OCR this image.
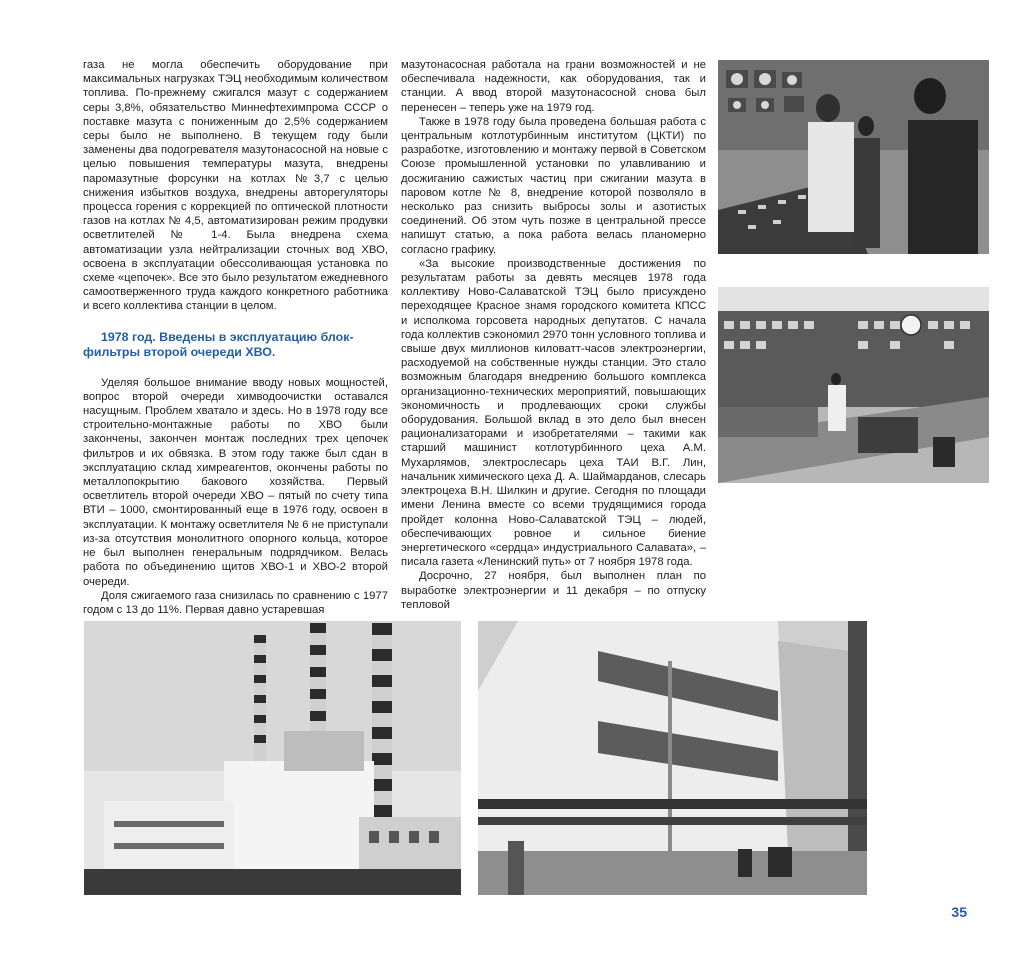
газа не могла обеспечить оборудование при максимальных нагрузках ТЭЦ необходимым количеством топлива. По-прежнему сжигался мазут с содержанием серы 3,8%, обязательство Миннефтехимпрома СССР о поставке мазута с пониженным до 2,5% содержанием серы было не выполнено. В текущем году были заменены два подогревателя мазутонасосной на новые с целью повышения температуры мазута, внедрены паромазутные форсунки на котлах №3,7 с целью снижения избытков воздуха, внедрены авторегуляторы процесса горения с коррекцией по оптической плотности газов на котлах № 4,5, автоматизирован режим продувки осветлителей № 1-4. Была внедрена схема автоматизации узла нейтрализации сточных вод ХВО, освоена в эксплуатации обессоливающая установка по схеме «цепочек». Все это было результатом ежедневного самоотверженного труда каждого конкретного работника и всего коллектива станции в целом.

1978 год. Введены в эксплуатацию блок-фильтры второй очереди ХВО.

Уделяя большое внимание вводу новых мощностей, вопрос второй очереди химводоочистки оставался насущным. Проблем хватало и здесь. Но в 1978 году все строительно-монтажные работы по ХВО были закончены, закончен монтаж последних трех цепочек фильтров и их обвязка. В этом году также был сдан в эксплуатацию склад химреагентов, окончены работы по металлопокрытию бакового хозяйства. Первый осветлитель второй очереди ХВО – пятый по счету типа ВТИ – 1000, смонтированный еще в 1976 году, освоен в эксплуатации. К монтажу осветлителя № 6 не приступали из-за отсутствия монолитного опорного кольца, которое не был выполнен генеральным подрядчиком. Велась работа по объединению щитов ХВО-1 и ХВО-2 второй очереди.

Доля сжигаемого газа снизилась по сравнению с 1977 годом с 13 до 11%. Первая давно устаревшая

мазутонасосная работала на грани возможностей и не обеспечивала надежности, как оборудования, так и станции. А ввод второй мазутонасосной снова был перенесен – теперь уже на 1979 год.

Также в 1978 году была проведена большая работа с центральным котлотурбинным институтом (ЦКТИ) по разработке, изготовлению и монтажу первой в Советском Союзе промышленной установки по улавливанию и досжиганию сажистых частиц при сжигании мазута в паровом котле № 8, внедрение которой позволяло в несколько раз снизить выбросы золы и азотистых соединений. Об этом чуть позже в центральной прессе напишут статью, а пока работа велась планомерно согласно графику.

«За высокие производственные достижения по результатам работы за девять месяцев 1978 года коллективу Ново-Салаватской ТЭЦ было присуждено переходящее Красное знамя городского комитета КПСС и исполкома горсовета народных депутатов. С начала года коллектив сэкономил 2970 тонн условного топлива и свыше двух миллионов киловатт-часов электроэнергии, расходуемой на собственные нужды станции. Это стало возможным благодаря внедрению большого комплекса организационно-технических мероприятий, повышающих экономичность и продлевающих сроки службы оборудования. Большой вклад в это дело был внесен рационализаторами и изобретателями – такими как старший машинист котлотурбинного цеха А.М. Мухарлямов, электрослесарь цеха ТАИ В.Г. Лин, начальник химического цеха Д. А. Шаймарданов, слесарь электроцеха В.Н. Шилкин и другие. Сегодня по площади имени Ленина вместе со всеми трудящимися города пройдет колонна Ново-Салаватской ТЭЦ – людей, обеспечивающих ровное и сильное биение энергетического «сердца» индустриального Салавата», – писала газета «Ленинский путь» от 7 ноября 1978 года.

Досрочно, 27 ноября, был выполнен план по выработке электроэнергии и 11 декабря – по отпуску тепловой

35
